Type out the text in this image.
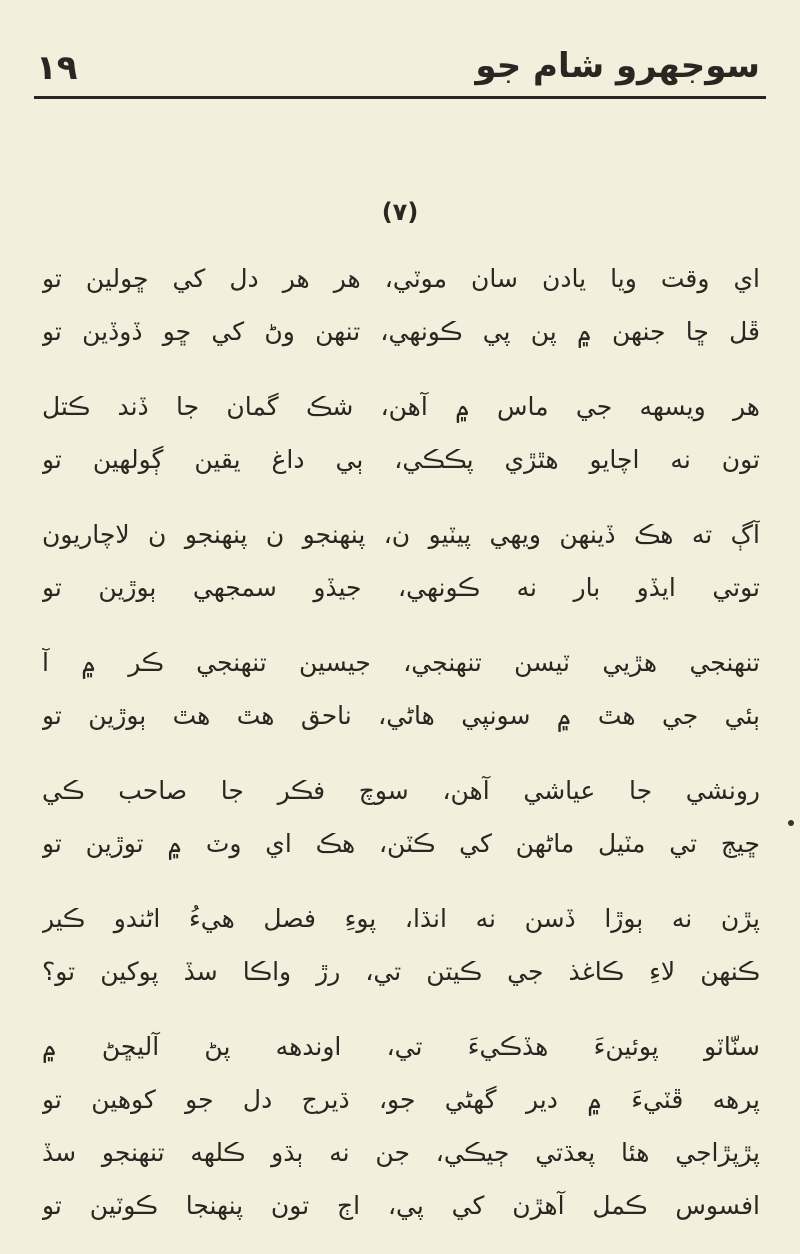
١٩	سوجهرو شام جو
(٧)
اي وقت ويا يادن سان موٽي، هر هر دل کي ڇولين تو
ڦل ڇا جنهن ۾ پن پي ڪونهي، تنهن وڻ کي ڇو ڏوڏين تو
هر ويسهه جي ماس ۾ آهن، شڪ گمان جا ڏند ڪتل
تون نه اچايو هٿڙي پڪڪي، ٻي داغ يقين ڳولهين تو
آڳ ته هڪ ڏينهن ويهي پيٽيو ن، پنهنجو ن پنهنجو ن لاچاريون
توتي ايڏو بار نه ڪونهي، جيڏو سمجهي ٻوڙين تو
تنهنجي هڙيي ٽيسن تنهنجي، جيسين تنهنجي ڪر ۾ آ
ٻئي جي هٿ ۾ سونپي هاڻي، ناحق هٿ هٿ ٻوڙين تو
رونشي جا عياشي آهن، سوچ فڪر جا صاحب ڪي
ڇيڄ تي مٽيل ماڻهن کي ڪٽن، هڪ اي وٽ ۾ توڙين تو
پڙن نه ٻوڙا ڏسن نه انڌا، پوءِ فصل هيءُ اڻندو ڪير
ڪنهن لاءِ ڪاغذ جي ڪيتن تي، رڙ واڪا سڏ پوکين تو؟
سنّاٽو پوئينءَ هڏڪيءَ تي، اوندهه پڻ آليڇڻ ۾
پرهه ڦٽيءَ ۾ دير گهڻي جو، ڌيرج دل جو کوهين تو
پڙپڙاجي هئا پعڌتي ڄيڪي، جن نه ٻڌو ڪلهه تنهنجو سڏ
افسوس ڪمل آهڙن کي پي، اڄ تون پنهنجا ڪوٽين تو
